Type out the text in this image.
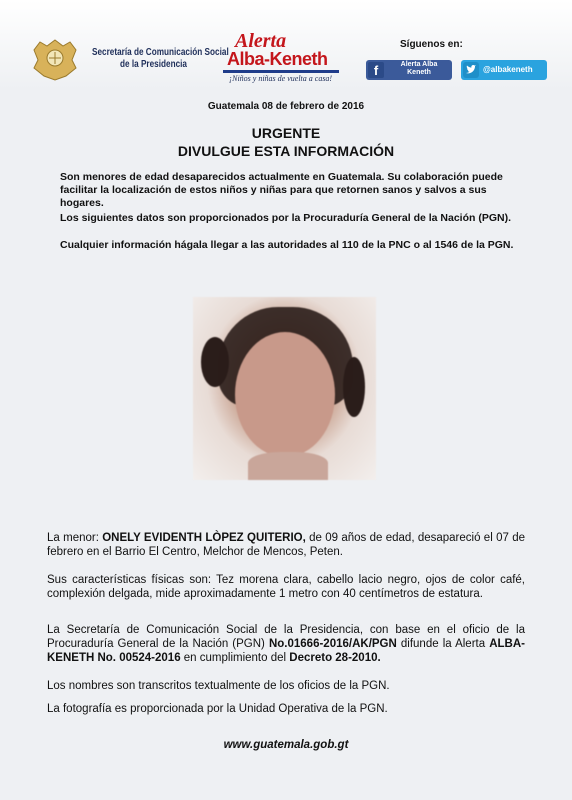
Secretaría de Comunicación Social
de la Presidencia
Alerta
Alba-Keneth
¡Niños y niñas de vuelta a casa!
Síguenos en:
f	Alerta Alba Keneth	@albakeneth
Guatemala 08 de febrero de 2016
URGENTE
DIVULGUE ESTA INFORMACIÓN
Son menores de edad desaparecidos actualmente en Guatemala. Su colaboración puede facilitar la localización de estos niños y niñas para que retornen sanos y salvos a sus hogares.
Los siguientes datos son proporcionados por la Procuraduría General de la Nación (PGN).
Cualquier información hágala llegar a las autoridades al 110 de la PNC o al 1546 de la PGN.
La menor: ONELY EVIDENTH LÒPEZ QUITERIO, de 09 años de edad, desapareció el 07 de febrero en el Barrio El Centro, Melchor de Mencos, Peten.
Sus características físicas son: Tez morena clara, cabello lacio negro, ojos de color café, complexión delgada, mide aproximadamente 1 metro con 40 centímetros de estatura.
La Secretaría de Comunicación Social de la Presidencia, con base en el oficio de la Procuraduría General de la Nación (PGN) No.01666-2016/AK/PGN difunde la Alerta ALBA-KENETH No. 00524-2016 en cumplimiento del Decreto 28-2010.
Los nombres son transcritos textualmente de los oficios de la PGN.
La fotografía es proporcionada por la Unidad Operativa de la PGN.
www.guatemala.gob.gt
